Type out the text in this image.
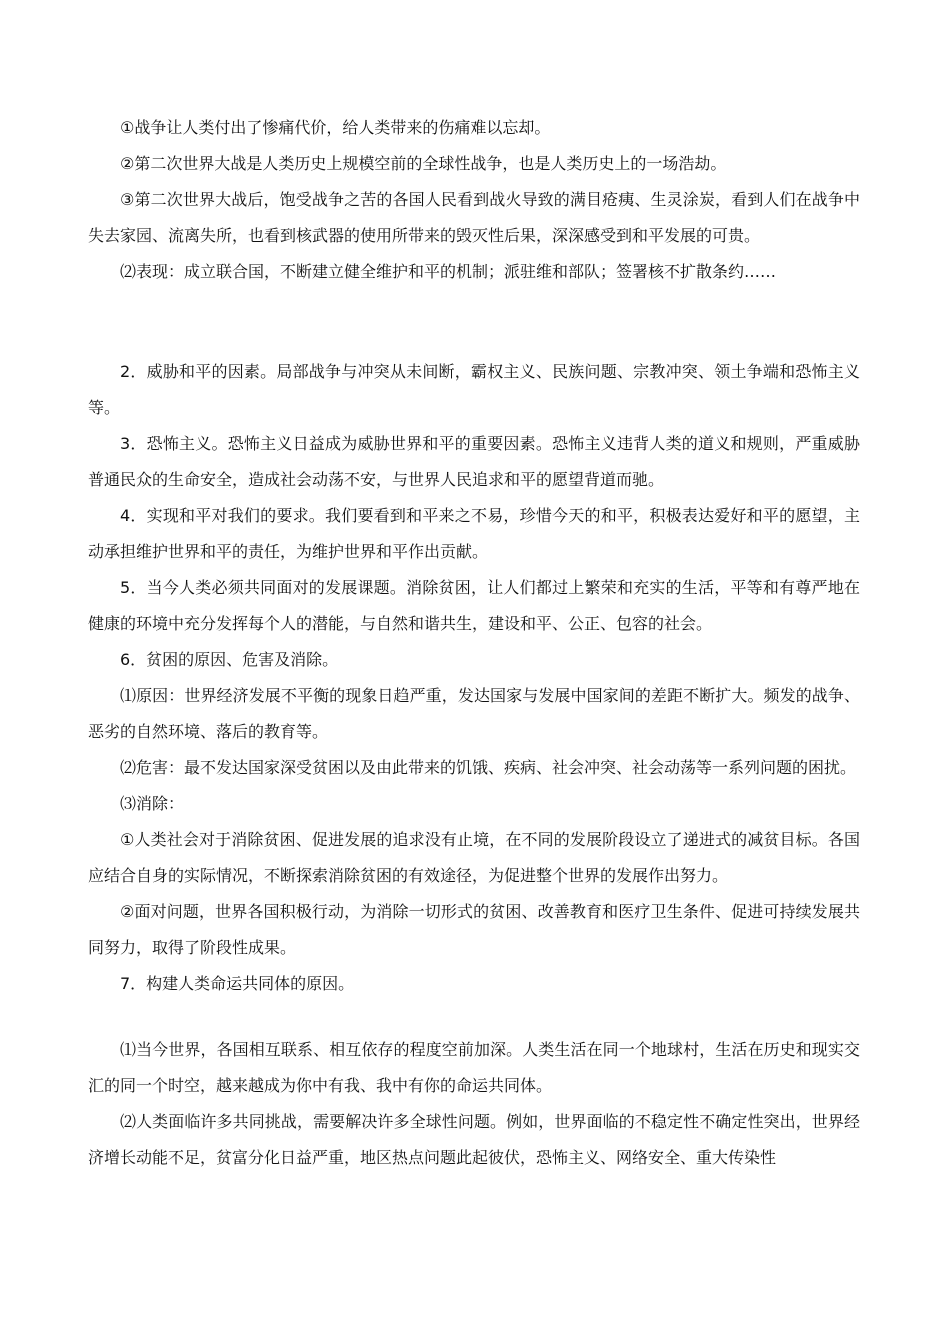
①战争让人类付出了惨痛代价，给人类带来的伤痛难以忘却。

②第二次世界大战是人类历史上规模空前的全球性战争，也是人类历史上的一场浩劫。

③第二次世界大战后，饱受战争之苦的各国人民看到战火导致的满目疮痍、生灵涂炭，看到人们在战争中失去家园、流离失所，也看到核武器的使用所带来的毁灭性后果，深深感受到和平发展的可贵。

⑵表现：成立联合国，不断建立健全维护和平的机制；派驻维和部队；签署核不扩散条约……

2．威胁和平的因素。局部战争与冲突从未间断，霸权主义、民族问题、宗教冲突、领土争端和恐怖主义等。

3．恐怖主义。恐怖主义日益成为威胁世界和平的重要因素。恐怖主义违背人类的道义和规则，严重威胁普通民众的生命安全，造成社会动荡不安，与世界人民追求和平的愿望背道而驰。

4．实现和平对我们的要求。我们要看到和平来之不易，珍惜今天的和平，积极表达爱好和平的愿望，主动承担维护世界和平的责任，为维护世界和平作出贡献。

5．当今人类必须共同面对的发展课题。消除贫困，让人们都过上繁荣和充实的生活，平等和有尊严地在健康的环境中充分发挥每个人的潜能，与自然和谐共生，建设和平、公正、包容的社会。

6．贫困的原因、危害及消除。

⑴原因：世界经济发展不平衡的现象日趋严重，发达国家与发展中国家间的差距不断扩大。频发的战争、恶劣的自然环境、落后的教育等。

⑵危害：最不发达国家深受贫困以及由此带来的饥饿、疾病、社会冲突、社会动荡等一系列问题的困扰。

⑶消除：

①人类社会对于消除贫困、促进发展的追求没有止境，在不同的发展阶段设立了递进式的减贫目标。各国应结合自身的实际情况，不断探索消除贫困的有效途径，为促进整个世界的发展作出努力。

②面对问题，世界各国积极行动，为消除一切形式的贫困、改善教育和医疗卫生条件、促进可持续发展共同努力，取得了阶段性成果。

7．构建人类命运共同体的原因。

⑴当今世界，各国相互联系、相互依存的程度空前加深。人类生活在同一个地球村，生活在历史和现实交汇的同一个时空，越来越成为你中有我、我中有你的命运共同体。

⑵人类面临许多共同挑战，需要解决许多全球性问题。例如，世界面临的不稳定性不确定性突出，世界经济增长动能不足，贫富分化日益严重，地区热点问题此起彼伏，恐怖主义、网络安全、重大传染性
